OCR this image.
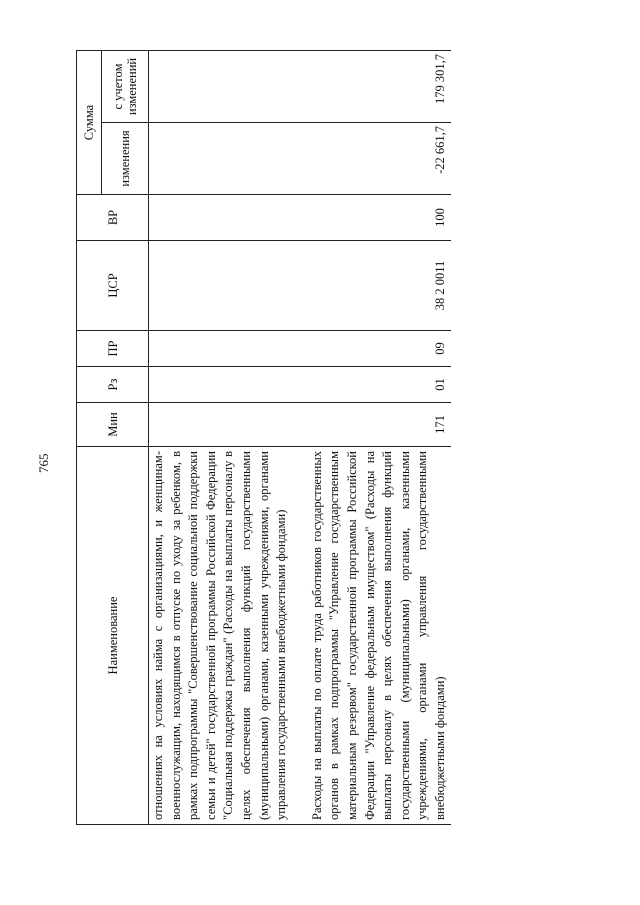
765
Наименование	Мин	Рз	ПР	ЦСР	ВР	Сумма	
						изменения	с учетом изменений
отношениях на условиях найма с организациями, и женщинам-военнослужащим, находящимся в отпуске по уходу за ребенком, в рамках подпрограммы "Совершенствование социальной поддержки семьи и детей" государственной программы Российской Федерации "Социальная поддержка граждан" (Расходы на выплаты персоналу в целях обеспечения выполнения функций государственными (муниципальными) органами, казенными учреждениями, органами управления государственными внебюджетными фондами)							
Расходы на выплаты по оплате труда работников государственных органов в рамках подпрограммы "Управление государственным материальным резервом" государственной программы Российской Федерации "Управление федеральным имуществом" (Расходы на выплаты персоналу в целях обеспечения выполнения функций государственными (муниципальными) органами, казенными учреждениями, органами управления государственными внебюджетными фондами)	171	01	09	38 2 0011	100	-22 661,7	179 301,7
